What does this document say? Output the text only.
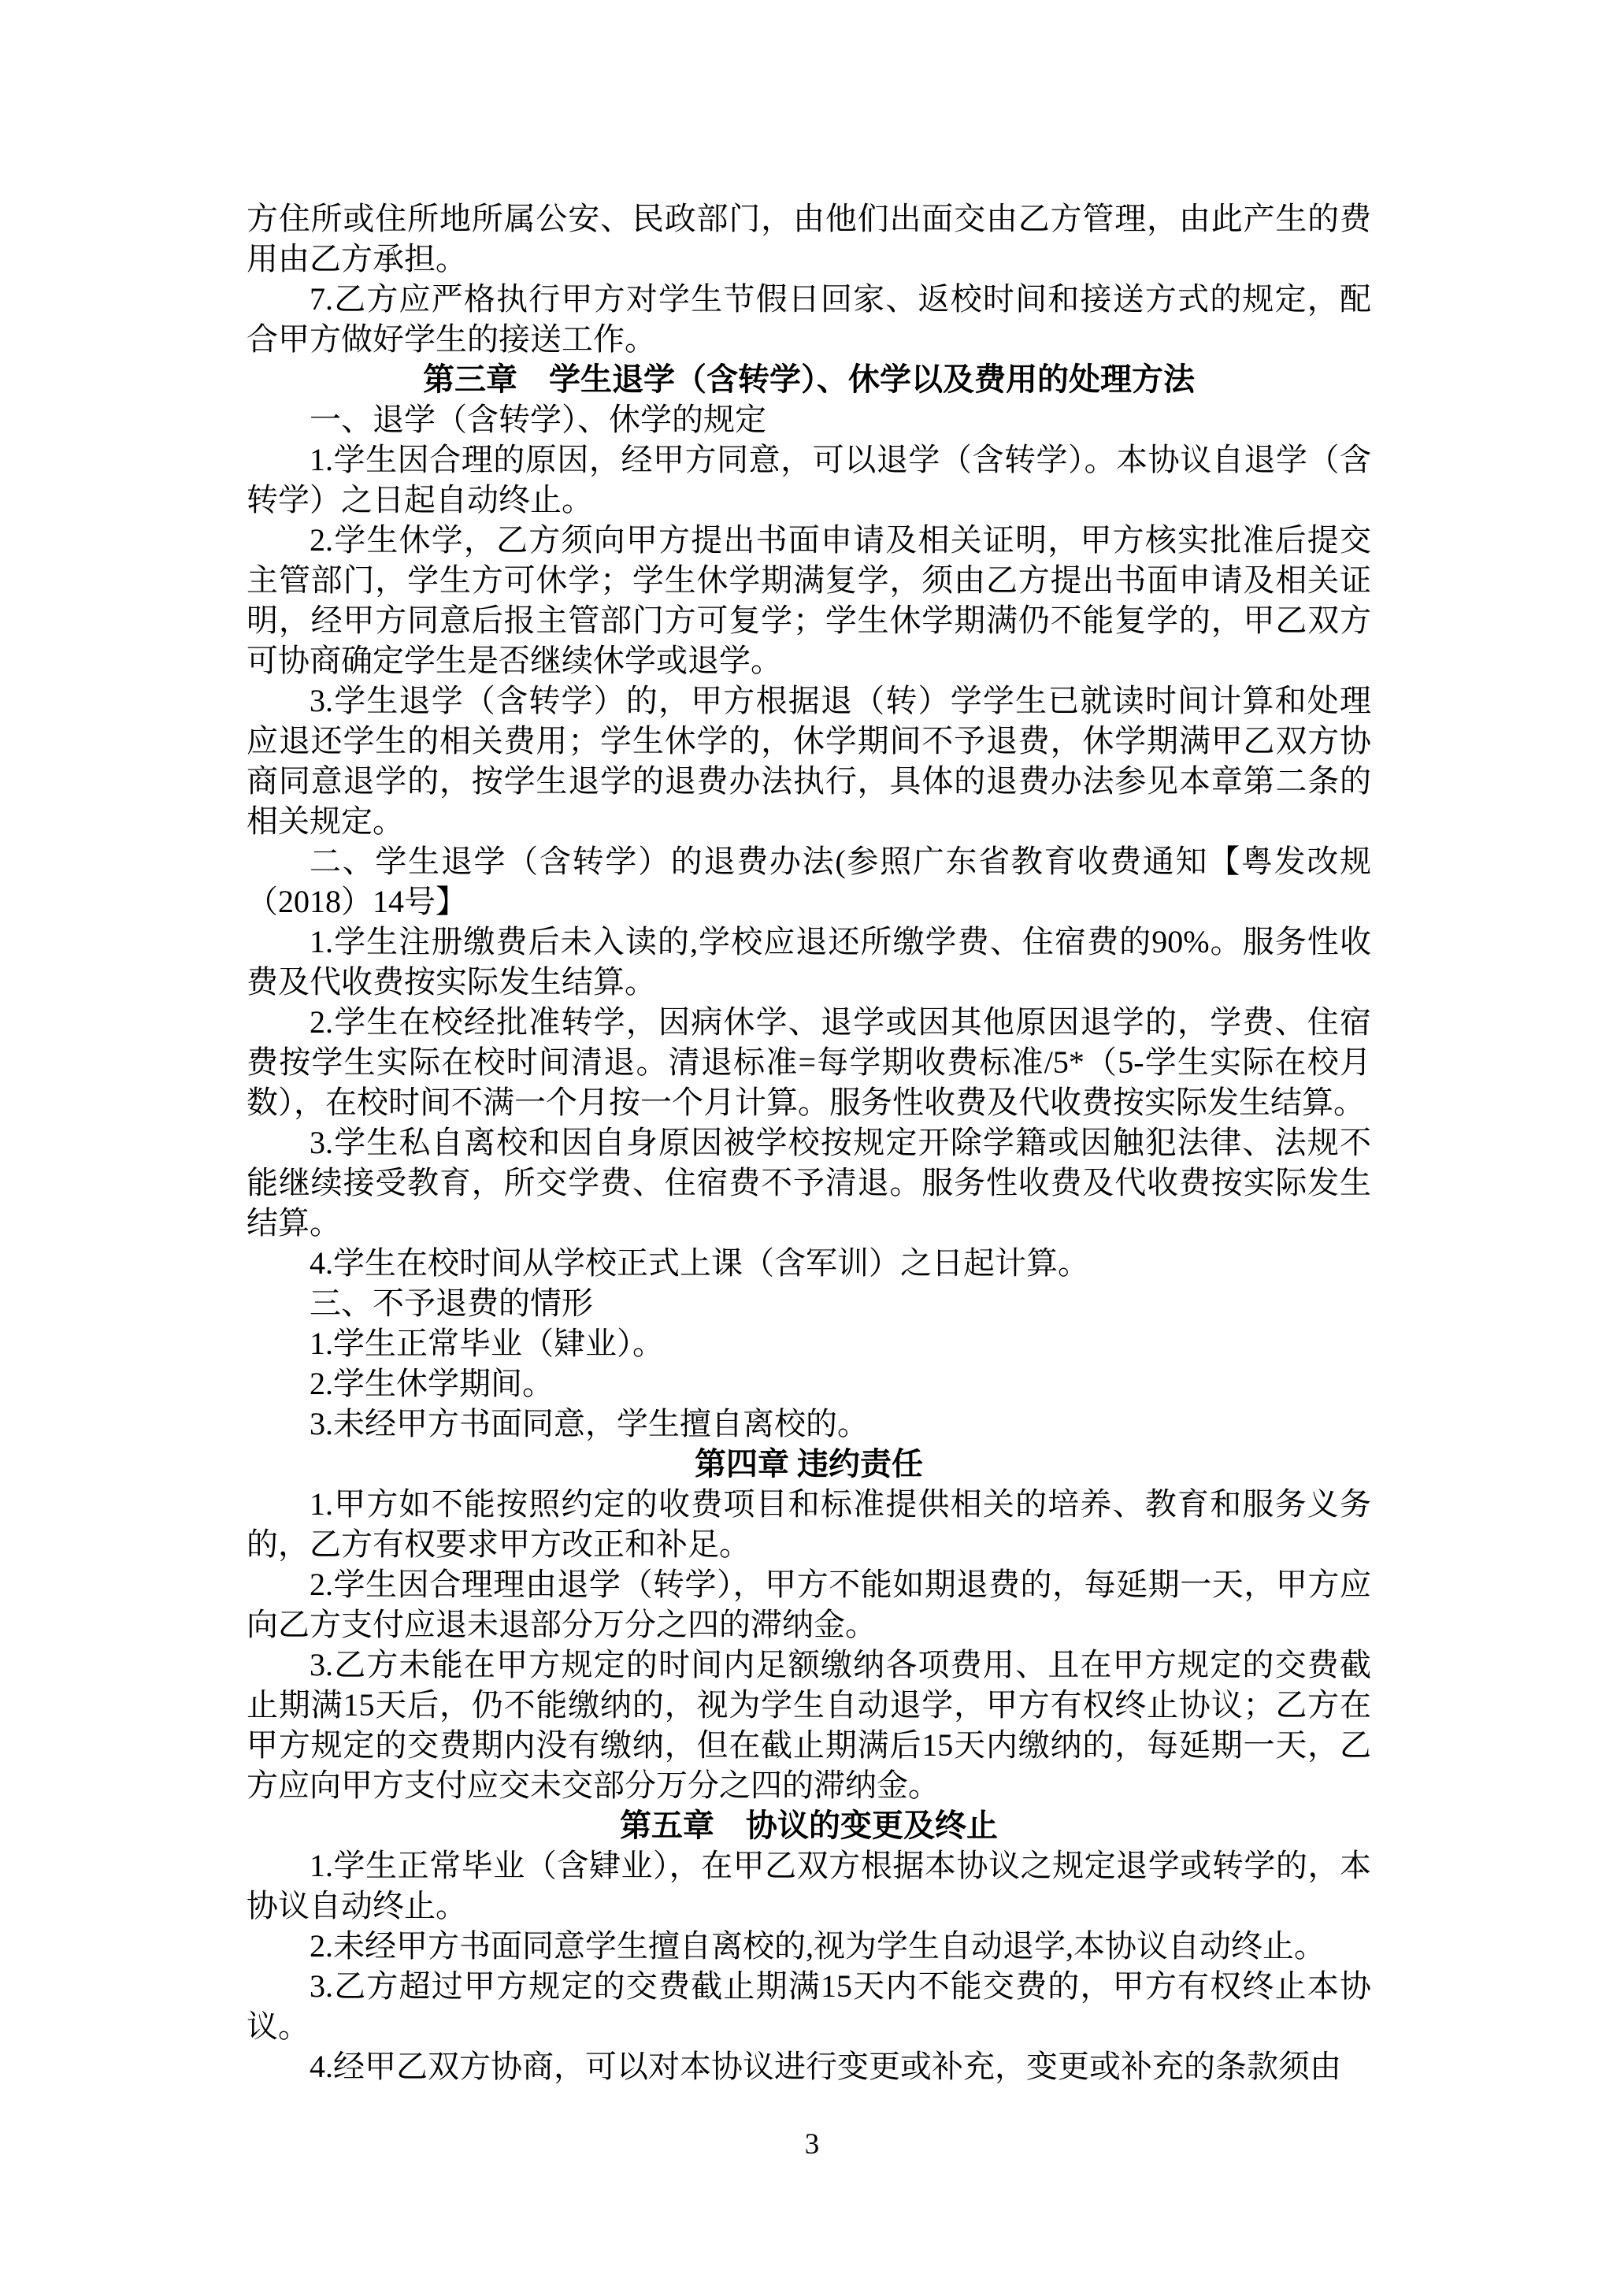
方住所或住所地所属公安、民政部门，由他们出面交由乙方管理，由此产生的费用由乙方承担。

7.乙方应严格执行甲方对学生节假日回家、返校时间和接送方式的规定，配合甲方做好学生的接送工作。

第三章　学生退学（含转学）、休学以及费用的处理方法

一、退学（含转学）、休学的规定

1.学生因合理的原因，经甲方同意，可以退学（含转学）。本协议自退学（含转学）之日起自动终止。

2.学生休学，乙方须向甲方提出书面申请及相关证明，甲方核实批准后提交主管部门，学生方可休学；学生休学期满复学，须由乙方提出书面申请及相关证明，经甲方同意后报主管部门方可复学；学生休学期满仍不能复学的，甲乙双方可协商确定学生是否继续休学或退学。

3.学生退学（含转学）的，甲方根据退（转）学学生已就读时间计算和处理应退还学生的相关费用；学生休学的，休学期间不予退费，休学期满甲乙双方协商同意退学的，按学生退学的退费办法执行，具体的退费办法参见本章第二条的相关规定。

二、学生退学（含转学）的退费办法(参照广东省教育收费通知【粤发改规（2018）14号】

1.学生注册缴费后未入读的,学校应退还所缴学费、住宿费的90%。服务性收费及代收费按实际发生结算。

2.学生在校经批准转学，因病休学、退学或因其他原因退学的，学费、住宿费按学生实际在校时间清退。清退标准=每学期收费标准/5*（5-学生实际在校月数），在校时间不满一个月按一个月计算。服务性收费及代收费按实际发生结算。

3.学生私自离校和因自身原因被学校按规定开除学籍或因触犯法律、法规不能继续接受教育，所交学费、住宿费不予清退。服务性收费及代收费按实际发生结算。

4.学生在校时间从学校正式上课（含军训）之日起计算。

三、不予退费的情形

1.学生正常毕业（肄业）。

2.学生休学期间。

3.未经甲方书面同意，学生擅自离校的。

第四章 违约责任

1.甲方如不能按照约定的收费项目和标准提供相关的培养、教育和服务义务的，乙方有权要求甲方改正和补足。

2.学生因合理理由退学（转学），甲方不能如期退费的，每延期一天，甲方应向乙方支付应退未退部分万分之四的滞纳金。

3.乙方未能在甲方规定的时间内足额缴纳各项费用、且在甲方规定的交费截止期满15天后，仍不能缴纳的，视为学生自动退学，甲方有权终止协议；乙方在甲方规定的交费期内没有缴纳，但在截止期满后15天内缴纳的，每延期一天，乙方应向甲方支付应交未交部分万分之四的滞纳金。

第五章　协议的变更及终止

1.学生正常毕业（含肄业），在甲乙双方根据本协议之规定退学或转学的，本协议自动终止。

2.未经甲方书面同意学生擅自离校的,视为学生自动退学,本协议自动终止。

3.乙方超过甲方规定的交费截止期满15天内不能交费的，甲方有权终止本协议。

4.经甲乙双方协商，可以对本协议进行变更或补充，变更或补充的条款须由

3
